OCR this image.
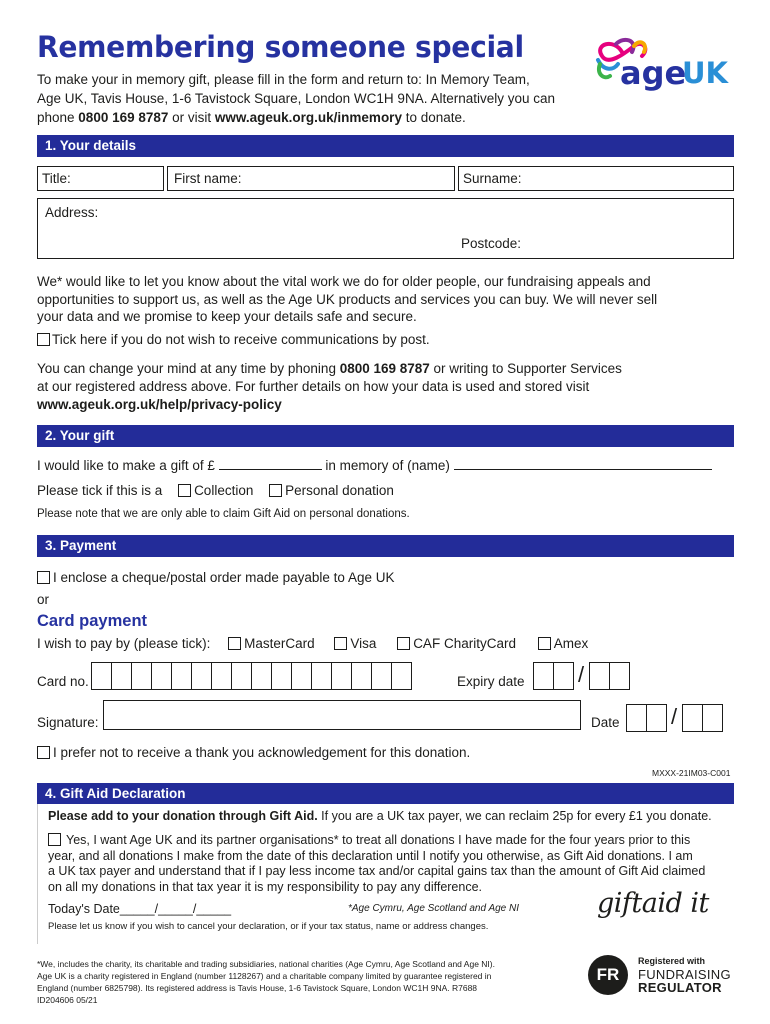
Remembering someone special
To make your in memory gift, please fill in the form and return to: In Memory Team,
Age UK, Tavis House, 1-6 Tavistock Square, London WC1H 9NA. Alternatively you can
phone 0800 169 8787 or visit www.ageuk.org.uk/inmemory to donate.
age
UK
1. Your details
Title:	First name:	Surname:
Address:
Postcode:
We* would like to let you know about the vital work we do for older people, our fundraising appeals and
opportunities to support us, as well as the Age UK products and services you can buy. We will never sell
your data and we promise to keep your details safe and secure.
Tick here if you do not wish to receive communications by post.
You can change your mind at any time by phoning 0800 169 8787 or writing to Supporter Services
at our registered address above. For further details on how your data is used and stored visit
www.ageuk.org.uk/help/privacy-policy
2. Your gift
I would like to make a gift of £	in memory of (name)
Please tick if this is a Collection Personal donation
Please note that we are only able to claim Gift Aid on personal donations.
3. Payment
I enclose a cheque/postal order made payable to Age UK
or
Card payment
I wish to pay by (please tick):	MasterCard	Visa	CAF CharityCard	Amex
Card no.	Expiry date	/
Signature:	Date	/
I prefer not to receive a thank you acknowledgement for this donation.
MXXX-21IM03-C001
4. Gift Aid Declaration
Please add to your donation through Gift Aid. If you are a UK tax payer, we can reclaim 25p for every £1 you donate.
Yes, I want Age UK and its partner organisations* to treat all donations I have made for the four years prior to this
year, and all donations I make from the date of this declaration until I notify you otherwise, as Gift Aid donations. I am
a UK tax payer and understand that if I pay less income tax and/or capital gains tax than the amount of Gift Aid claimed
on all my donations in that tax year it is my responsibility to pay any difference.
Today's Date_____/_____/_____	*Age Cymru, Age Scotland and Age NI
Please let us know if you wish to cancel your declaration, or if your tax status, name or address changes.
giftaid it
*We, includes the charity, its charitable and trading subsidiaries, national charities (Age Cymru, Age Scotland and Age NI).
Age UK is a charity registered in England (number 1128267) and a charitable company limited by guarantee registered in
England (number 6825798). Its registered address is Tavis House, 1-6 Tavistock Square, London WC1H 9NA. R7688
ID204606 05/21
FR
Registered with
FUNDRAISING
REGULATOR
